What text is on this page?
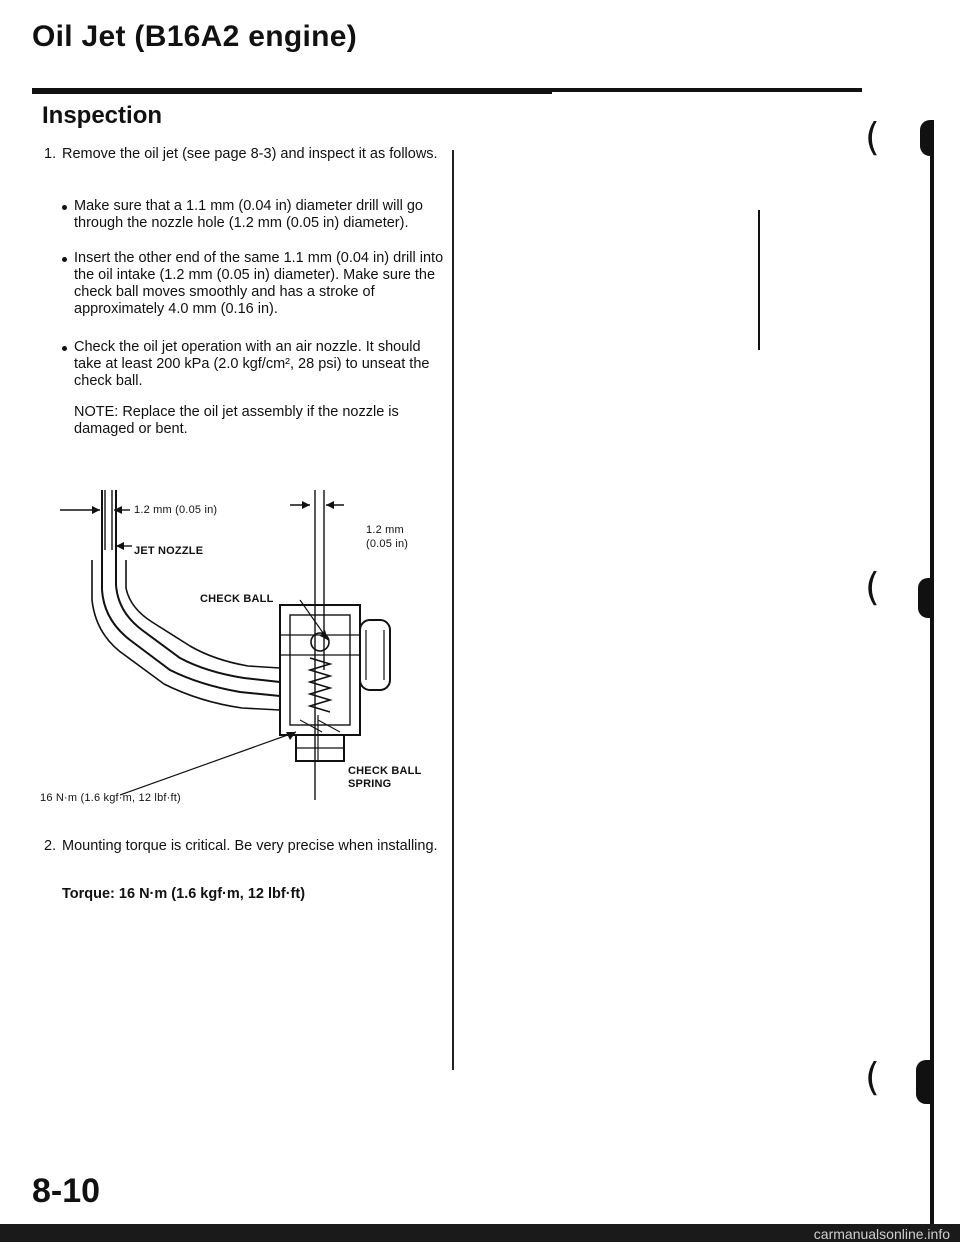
Oil Jet (B16A2 engine)
Inspection
1. Remove the oil jet (see page 8-3) and inspect it as follows.
Make sure that a 1.1 mm (0.04 in) diameter drill will go through the nozzle hole (1.2 mm (0.05 in) diameter).
Insert the other end of the same 1.1 mm (0.04 in) drill into the oil intake (1.2 mm (0.05 in) diameter). Make sure the check ball moves smoothly and has a stroke of approximately 4.0 mm (0.16 in).
Check the oil jet operation with an air nozzle. It should take at least 200 kPa (2.0 kgf/cm², 28 psi) to unseat the check ball.
NOTE: Replace the oil jet assembly if the nozzle is damaged or bent.
1.2 mm (0.05 in)
JET NOZZLE
1.2 mm
(0.05 in)
CHECK BALL
CHECK BALL
SPRING
16 N·m (1.6 kgf·m, 12 lbf·ft)
2. Mounting torque is critical. Be very precise when installing.
Torque: 16 N·m (1.6 kgf·m, 12 lbf·ft)
(
(
(
8-10
carmanualsonline.info
